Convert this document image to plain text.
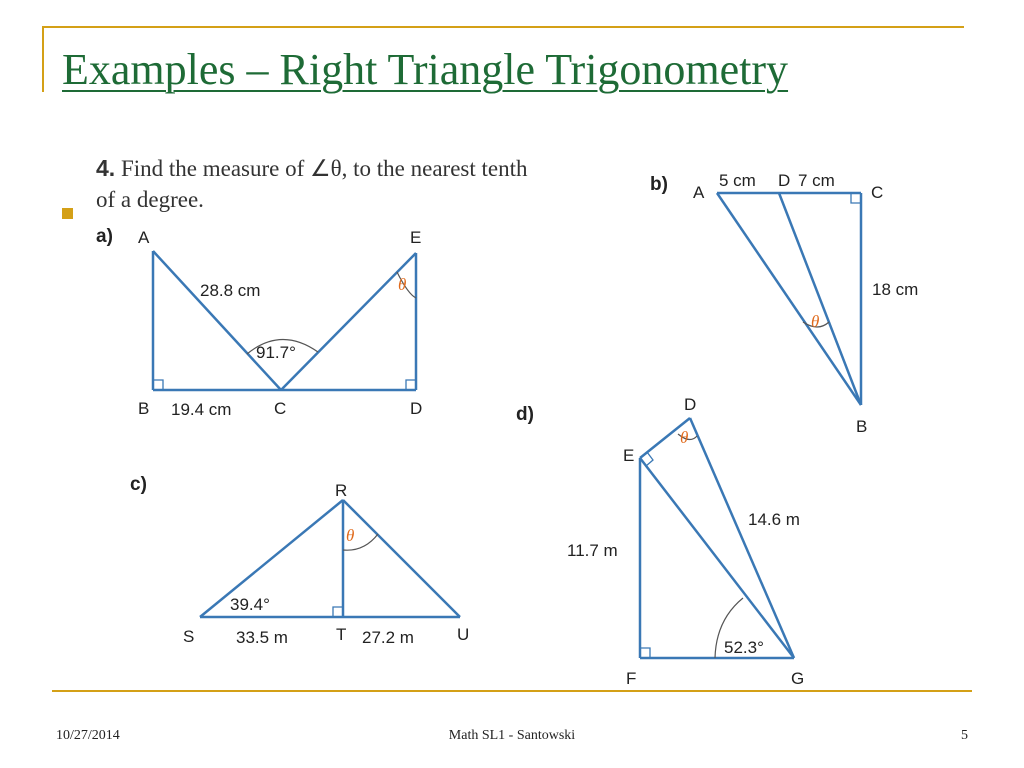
Examples – Right Triangle Trigonometry
4. Find the measure of ∠θ, to the nearest tenth of a degree.
a) A
B	C	D
E
28.8 cm
19.4 cm
91.7°
θ
b) A
D
C
B
5 cm 7 cm
18 cm
θ
c)	R
S	T	U
39.4°
33.5 m	27.2 m
θ
d)	D
E
F	G
11.7 m
14.6 m
52.3°
θ
10/27/2014	Math SL1 - Santowski	5
